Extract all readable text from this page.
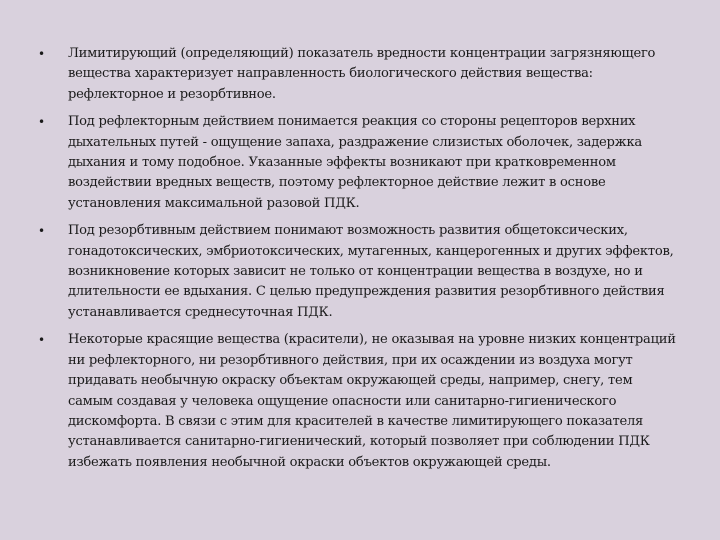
• Лимитирующий (определяющий) показатель вредности концентрации загрязняющего вещества характеризует направленность биологического действия вещества: рефлекторное и резорбтивное.
• Под рефлекторным действием понимается реакция со стороны рецепторов верхних дыхательных путей - ощущение запаха, раздражение слизистых оболочек, задержка дыхания и тому подобное. Указанные эффекты возникают при кратковременном воздействии вредных веществ, поэтому рефлекторное действие лежит в основе установления максимальной разовой ПДК.
• Под резорбтивным действием понимают возможность развития общетоксических, гонадотоксических, эмбриотоксических, мутагенных, канцерогенных и других эффектов, возникновение которых зависит не только от концентрации вещества в воздухе, но и длительности ее вдыхания. С целью предупреждения развития резорбтивного действия устанавливается среднесуточная ПДК.
• Некоторые красящие вещества (красители), не оказывая на уровне низких концентраций ни рефлекторного, ни резорбтивного действия, при их осаждении из воздуха могут придавать необычную окраску объектам окружающей среды, например, снегу, тем самым создавая у человека ощущение опасности или санитарно-гигиенического дискомфорта. В связи с этим для красителей в качестве лимитирующего показателя устанавливается санитарно-гигиенический, который позволяет при соблюдении ПДК избежать появления необычной окраски объектов окружающей среды.
